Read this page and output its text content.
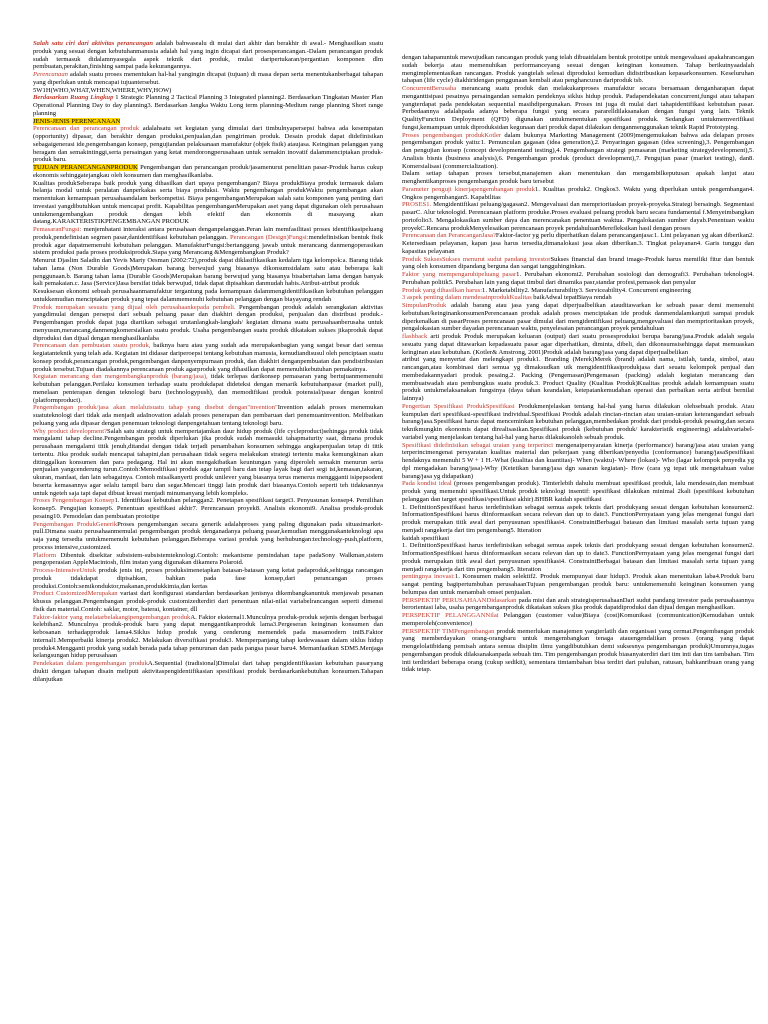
Salah satu ciri dari aktivitas perancangan adalah bahwasealu di mulai dari akhir dan berakhir di awal.- Menghasilkan suatu produk yang sesuai dengan kebutuhanmanusia adalah hal yang ingin dicapai dari prosesperancangan.-Dalam perancangan produk sudah termasuk didalamnyasegala aspek teknik dari produk, mulai daripertukaran/pergantian komponen dlm pembuatan,perakitan,finishing sampai pada kekurangannya.

Perencanaan adalah suatu proses menentukan hal-hal yangingin dicapai (tujuan) di masa depan serta menentukanberbagai tahapan yang diperlukan untuk mencapai tujuantersebut.

5W1H(WHO,WHAT,WHEN,WHERE,WHY,HOW)

Berdasarkan Ruang Lingkup 1 Strategic Planning 2 Tactical Planning 3 Integrated planning2. Berdasarkan Tingkatan Master Plan Operational Planning Day to day planning3. Berdasarkan Jangka Waktu Long term planning-Medium range planning Short range planning

JENIS-JENIS PERENCANAAN

Perencanaan dan perancangan produk adalahsatu set kegiatan yang dimulai dari timbulnyapersepsi bahwa ada kesempatan (opportunity) dipasar, dan berakhir dengan produksi,penjualan,dan pengiriman produk. Desain produk dapat didefinisikan sebagaigenerasi ide,pengembangan konsep, pengujiandan pelaksanaan manufaktur (objek fisik) ataujasa. Keinginan pelanggan yang beragam dan semakintinggi,serta persaingan yang ketat mendorongperusahaan untuk semakin inovatif dalammenciptakan produk-produk baru.

TUJUAN PERANCANGANPRODUK Pengembangan dan perancangan produk/jasamenurut penelitian pasar-Produk harus cukup ekonomis sehinggatejangkau oleh konsumen dan menghasilkanlaba.

Kualitas produkSeberapa baik produk yang dihasilkan dari upaya pengembangan? Biaya produkBiaya produk termasuk dalam belanja modal untuk peralatan danperkakas serta biaya produksi. Waktu pengembangan produkWaktu pengembangan akan menentukan kemampuan perusahaandalam berkompetisi. Biaya pengembanganMerupakan salah satu komponen yang penting dari investasi yangdibutuhkan untuk mencapai profit. Kapabilitas pengembanganMerupakan aset yang dapat digunakan oleh perusahaan untukmengembangkan produk dengan lebih efektif dan ekonomis di masayang akan datang.KARAKTERISTIKPENGEMBANGAN PRODUK

PemasaranFungsi: menjembatani interaksi antara perusahaan denganpelanggan.Peran lain memfasilitasi proses identifikasipeluang produk,pendefinisian segmen pasar,danidentifikasi kebutuhan pelanggan. Perancangan (Design)Fungsi:mendefinisikan bentuk fisik produk agar dapatmemenuhi kebutuhan pelanggan. ManufakturFungsi:bertanggung jawab untuk merancang danmengoperasikan sistem produksi pada proses produksiproduk.Siapa yang Merancang &Mengembangkan Produk?

Menurut Djaslim Saladin dan Yevis Marty Oesman (2002:72),produk dapat diklasifikasikan kedalam tiga kelompok:a. Barang tidak tahan lama (Non Durable Goods)Merupakan barang berwujud yang biasanya dikonsumsidalam satu atau beberapa kali penggunaan.b. Barang tahan lama (Durable Goods)Merupakan barang berwujud yang biasanya bisabertahan lama dengan banyak kali pemakaian.c. Jasa (Service)Jasa bersifat tidak berwujud, tidak dapat dipisahkan danmudah habis.Atribut-atribut produk

Kesuksesan ekonomi sebuah perusahaanmanufaktur tergantung pada kemampuan dalammengidentifikasikan kebutuhan pelanggan untukkemudian menciptakan produk yang tepat dalammemenuhi kebutuhan pelanggan dengan biayayang rendah

Produk merupakan sesuatu yang dijual oleh perusahaankepada pembeli. Pengembangan produk adalah serangkaian aktivitas yangdimulai dengan persepsi dari sebuah peluang pasar dan diakhiri dengan produksi, penjualan dan distribusi produk.-Pengembangan produk dapat juga diartikan sebagai urutanlangkah-langkah/ kegiatan dimana suatu perusahaanberusaha untuk menyusun,merancang,danmengkomersialkan suatu produk. Usaha pengembangan suatu produk dikatakan sukses jikaproduk dapat diproduksi dan dijual dengan menghasilkanlaba

Perencanaan dan pembuatan suatu produk, baiknya baru atau yang sudah ada merupakanbagian yang sangat besar dari semua kegiatanteknik yang telah ada. Kegiatan ini didasar dariperoepsi tentang kebutuhan manusia, kemudiandisusul oleh penciptaan suatu konsep produk,perancangan produk,pengembangan danpenyempurnaan produk, dan diakhiri denganpembuatan dan pendistribusian produk tersebut.Tujuan diadakannya perencanaan produk agarproduk yang dihasilkan dapat memenuhikebutuhan pemakainya.

Kegiatan merancang dan mengembangkanproduk (barang/jasa), tidak terlepas darikonsep pemasaran yang bertujuanmemenuhi kebutuhan pelanggan.Perilaku konsumen terhadap suatu produkdapat dideteksi dengan menarik kebutuhanpasar (market pull), menelaan penterapan dengan teknologi baru (technologypush), dan memodifikasi produk potensial/pasar dengan kontrol (platformproduct).

Pengembangan produk/jasa akan melaluisuatu tahap yang disebut dengan"invention"Invention adalah proses menemukan suatuteknologi dari tidak ada menjadi adaInovation adalah proses penerapan dan pembaruan dari penemuaninvention. Melibatkan peluang yang ada dipasar dengan penemuan teknologi danpengetahuan tentang teknologi baru.

Why product development?Salah satu strategi untuk mempertajamkan daur hidup produk (life cycleproduct)sehingga produk tidak mengalami tahap decline.Pengembangan produk diperlukan jika produk sudah memasuki tahapmaturity saat, dimana produk perusahaan mengalami titik jenuh,ditandai dengan tidak terjadi penambahan konsumen sehingga angkapenjualan tetap di titik tertentu. Jika produk sudah mencapai tahapini,dan perusahaan tidak segera melakukan strategi tertentu maka kemungkinan akan ditinggalkan konsumen dan para pedagang. Hal ini akan mengakibatkan keuntungan yang diperoleh semakin menurun serta penjualan yangcenderung turun.Contoh:Memodifikasi produk agar tampil baru dan tetap layak bagi dari segi isi,kemasan,takaran, ukuran, manfaat, dan lain sebagainya. Contoh misalkanyerti produk unilever yang biasanya terus menerus menggganti isipepsodent beserta kemasannya agar selalu tampil baru dan segar.Mencari tinggi lain produk dari biasanya.Contoh seperti teh tidaknannya untuk ngeteh saja tapi dapat dibuat kreasi menjadi minumanyang lebih kompleks.

Proses Pengembangan Konsep1. Identifikasi kebutuhan pelanggan2. Penetapan spesifikasi target3. Penyusunan konsep4. Pemilihan konsep5. Pengujian konsep6. Penentuan spesifikasi akhir7. Perencanaan proyek8. Analisis ekonomi9. Analisa produk-produk pesaing10. Pemodelan dan pembuatan prototipe

Pengembangan ProdukGenerikProses pengembangan secara generik adalahproses yang paling digunakan pada situasimarket-pull.Dimana suatu perusahaanmemulai pengembangan produk denganadanya peluang pasar,kemudian menggunakanteknologi apa saja yang tersedia untukmemenuhi kebutuhan pelanggan.Beberapa variasi produk yang berhubungan:technology-push,platform, process intensive,customized.

Platform Dibentuk disekitar subsistem-subsistemteknologi.Contoh: mekanisme pemindahan tape padaSony Walkman,sistem pengoperasian AppleMacintosh, film instan yang digunakan dikamera Polaroid.

Process-IntensiveUntuk produk jenis ini, proses produksimenetapkan batasan-batasan yang ketat padaproduk,sehingga rancangan produk tidakdapat dipisahkan, bahkan pada fase konsep,dari perancangan proses produksi.Contoh:semikonduktor,makanan,produkkimia,dan kertas

Product CustomizedMerupakan variasi dari konfigurasi standardan berdasarkan jenisnya dikembangkanuntuk menjawab pesanan khusus pelanggan.Pengembangan produk-produk customizedterdiri dari penentuan nilai-nilai variabelrancangan seperti dimensi fisik dan material.Contoh: saklar, motor, baterai, kontainer, dll

Faktor-faktor yang melatarbelakangipengembangan produkA. Faktor eksternal1.Munculnya produk-produk sejenis dengan berbagai kelebihan2. Munculnya produk-produk baru yang dapat menggantikanproduk lama3.Pergeseran keinginan konsumen dan kebosanan terhadapproduk lama4.Siklus hidup produk yang cenderung memendek pada masamodern iniB.Faktor internal1.Memperbaiki kinerja produk2. Melakukan diversifikasi produk3. Memperpanjang tahap kedewasaan dalam siklus hidup produk4.Mengganti produk yang sudah berada pada tahap penurunan dan pada pangsa pasar baru4. Memanfaatkan SDM5.Menjaga kelangsungan hidup perusahaan

Pendekatan dalam pengembangan produkA.Sequential (tradisional)Dimulai dari tahap pengidentifikasian kebutuhan pasaryang diukti dengan tahapan disain meliputi aktivitaspengidentifikasian spesifikasi produk berdasarkankebutuhan konsumen.Tahapan dilanjutkan

dengan tahapanuntuk mewujudkan rancangan produk yang telah dibuatdalam bentuk prototipe untuk mengevaluasi apakahrancangan sudah bekerja atau memenuhikan performanceyang sesuai dengan keinginan konsumen. Tahap berikutnyaadalah mengimplementasikan rancangan. Produk yangtelah selesai diproduksi kemudian didistribusikan kepasarkonsumen. Keseluruhan tahapan (life cycle) diakhiridengan penggunaan kembali atau penghancuran dariproduk tsb.

ConcurrentBerusaha merancang suatu produk dan melakukanproses manufaktur secara bersamaan denganharapan dapat menganttisipasi pesatnya persaingandan semakin pendeknya siklus hidup produk. Padapendekatan concurrent,fungsi atau tahapan yangterdapat pada pendekatan sequential masihdipergunakan. Proses ini juga di mulai dari tahapidentifikasi kebutuhan pasar. Perbedaannya adalahpada adanya beberapa fungsi yang secara pararelldilaksanakan dengan fungsi yang lain. Teknik QualityFunction Deployment (QFD) digunakan untukmenentukan spesifikasi produk. Sedangkan untukmemverifikasi fungsi,kemampuan untuk diproduksidan kegunaan dari produk dapat dilakukan denganmenggunakan teknik Rapid Prototyping.

Proses pengembangan produkKotler dalam bukunya Marketing Management (2009)mengemukakan bahwa ada delapan proses pengembangan produk yaitu:1. Pemunculan gagasan (idea generation),2. Penyaringan gagasan (idea screening),3. Pengembangan dan pengujian konsep (concept developmentand testing),4. Pengembangan strategi pemasaran (marketing strategydevelopment),5. Analisis bisnis (business analysis),6. Pengembangan produk (product development),7. Pengujian pasar (market testing), dan8. Komersialisasi (commercialization).

Dalam setiap tahapan proses tersebut,manajemen akan menentukan dan mengambilkeputusan apakah lanjut atau menghentikanproses pengembangan produk baru tersebut

Parameter penguji kinerjapengembangan produk1. Kualitas produk2. Ongkos3. Waktu yang diperlukan untuk pengembangan4. Ongkos pengembangan5. Kapabilitas

PROSES1. Mengidentifikasi peluang/gagasan2. Mengevaluasi dan memprioritaskan proyek-proyeka.Strategi bersaingb. Segmentasi pasarC. Alur teknologid. Perencanaan platform produke.Proses evaluasi peluang produk baru secara fundamental f.Menyeimbangkan portofolio3. Mengalokasikan sumber daya dan merencanakan penentuan waktua. Pengalokasian sumber dayab.Penentuan waktu proyekC.Rencana produkMenyelesaikan perencanaan proyek pendahuluanMerefleksikan hasil dengan proses

Perencanaan dan PerancanganJasa?Faktor-factor yg perlu diperhatikan dalam perancanganjasa:1. Lini pelayanan yg akan diberikan2. Ketersediaan pelayanan, kapan jasa harus tersedia,dimanalokasi jasa akan diberikan.3. Tingkat pelayanan4. Garis tunggu dan kapasitas pelayanan

Produk SuksesSukses menurut sudut pandang investorSukses financial dan brand image-Produk harus memiliki fitur dan bentuk yang oleh konsumen dipandang berguna dan sangat tangguhinginkan.

Faktor yang mempengaruhipeluang pasar1. Perubahan ekonomi2. Perubahan sosiologi dan demografi3. Perubahan teknologi4. Perubahan politik5. Perubahan lain yang dapat timbul dari dinamika pasr,standar profesi,pemasok dan penyalur

Produk yang dihasilkan harus:1. Marketability2. Manufacturability3. Serviceability4. Concurrent engineering

3 aspek penting dalam mendesainprodukKualitas baikAdwal tepatBiaya rendah

SimpulanProduk adalah barang atau jasa yang dapat diperjualbelikan atauditawarkan ke sebuah pasar demi memenuhi kebutuhan/keinginankonsumenPerencanaan produk adalah proses menciptakan ide produk danmendalamkanjuti sampai produk diperkenalkan di pasarProses perencanaan pasar dimulai dari mengidentifikasi peluang,mengevaluasi dan memprioritaskan proyek, pengalokasian sumber dayadan perencanaan waktu, penyelesaian perancangan proyek pendahuluan

flashback arti produk Produk merupakan keluaran (output) dari suatu prosesproduksi berupa barang/jasa.Produk adalah segala sesuatu yang dapat ditawarkan kepadasuatu pasar agar diperhatikan, diminta, dibeli, dan dikonsumsisehingga dapat memuaskan keinginan atau kebutuhan. (Kotler& Amstrong, 2001)Produk adalah barang/jasa yang dapat diperjualbelikan

atribut yang menyertai dan melengkapi produk1. Branding (Merek)Merek (brand) adalah nama, istilah, tanda, simbol, atau rancangan,atau kombinasi dari semua yg dimaksudkan utk mengidentifikasiprodukjasa dari seuatu kelompok penjual dan membedakannyadari produk pesaing.2. Packing (Pengemasan)Pengemasan (packing) adalah kegiatan merancang dan membuatwadah atau pembungkus suatu produk.3. Product Quality (Kualitas Produk)Kualitas produk adalah kemampuan suatu produk untukmelaksanakan fungsinya (daya tahan keandalan, ketepatankemudahan operasi dan perbaikan serta atribut bernilai lainnya)

Pengertian Spesifikasi ProdukSpesifikasi Produkmenjelaskan tentang hal-hal yang harus dilakukan olehsebuah produk. Atau kumpulan dari spesifikasi-spesifikasi individual.Spesifikasi Produk adalah rincian-rincian atau uraian-uraian keterangandari sebuah barang/jasa.Spesifikasi harus dapat menceminkan kebutuhan pelanggan,membedakan produk dari produk-produk pesaing,dan secara teknikmungkin ekonomis dapat direalisasikan.Spesifikasi produk (kebutuhan produk/ karakteristik engineering) adalahvariabel-variabel yang menjelaskan tentang hal-hal yang harus dilakukanoleh sebuah produk.

Spesifikasi didefinisikan sebagai uraian yang terperinci mengenaipersyaratan kinerja (performance) barang/jasa atau uraian yang terperincimengenai persyaratan kualitas material dan pekerjaan yang diberikan/penyedia (conformance) barang/jasaSpesifikasi hendaknya memenuhi 5 W + 1 H.-What (kualitas dan kuantitas)- When (waktu)- Where (lokasi)- Who (lagar kelompok penyedia yg dpl mengadakan barang/jasa)-Why (Ketetikan barang/jasa dgn sasaran kegiatan)- How (cara yg tepat utk mengetahuan value barang/jasa yg didapatkan)

Pada kondisi ideal (proses pengembangan produk). Timterlebih dahulu membuat spesifikasi produk, lalu mendesain,dan membuat produk yang memenuhi spesifikasi.Untuk produk teknologi insentif: spesifikasi dilakukan minimal 2kali (spesifikasi kebutuhan pelanggan dan target spesifikasi/spesifikasi akhir).BHBR kaidah spesifikasi

1. DefinitionSpesifikasi harus terdefinisikan sebagai semua aspek teknis dari produkyang sesuai dengan kebutuhan konsumen2. InformationSpesifikasi harus diinformasikan secara relevan dan up to date3. FunctionPernyataan yang jelas mengenai fungsi dari produk merupakan titik awal dari penyusunan spesifikasi4. ConstraintBerbagai batasan dan limitasi masalah serta tujuan yang menjadi rangekerja dari tim pengembang5. Itteration

kaidah spesifikasi

1. DefinitionSpesifikasi harus terdefinisikan sebagai semua aspek teknis dari produkyang sesuai dengan kebutuhan konsumen2. InformationSpesifikasi harus diinformasikan secara relevan dan up to date3. FunctionPernyataan yang jelas mengenai fungsi dari produk merupakan titik awal dari penyusunan spesifikasi4. ConstraintBerbagai batasan dan limitasi masalah serta tujuan yang menjadi rangekerja dari tim pengembang5. Itteration

pentingnya inovasi:1. Konsumen makin selektif2. Produk mempunyai daur hidup3. Produk akan menentukan laba4.Produk baru sangat penting bagipertumbuhan perusahaanTujuan pengembangan produk baru: untukmemenuhi keinginan konsumen yang belumpas dan untuk menambah omset penjualan.

PERSPEKTIF PERUSAHAANDidasarkan pada misi dan arah strategisperusahaanDari sudut pandang investor pada perusahaannya berorientasi laba, usaha pengembanganproduk dikatakan sukses jika produk dapatdiproduksi dan dijual dengan menghasilkan.

PERSPEKTIF PELANGGANNilai Pelanggan (customer value)Biaya (cost)Komunikasi (communication)Kemudahan untuk memperoleh(convenience)

PERSPEKTIF TIMPengembangan produk memerlukan manajemen yangterlatih dan organisasi yang cermat.Pengembangan produk yang memberdayakan orang-orangbaru untuk mengembangkan tenaga atauengendalikan proses (orang yang dapat mengelolatibidang pemisah antara semua disiplin ilmu yangdibutuhkan demi suksesnya pengembangan produk)Umumnya,tugas pengembangan produk dilaksanakanpada sebuah tim. Tim pengembangan produk biasanyaterdiri dari tim inti dan tim tambahan. Tim inti terdiridari beberapa orang (cukup sedikit), sementara timtambahan bisa terdiri dari puluhan, ratusan, bahkanribuan orang yang tidak tetap.
